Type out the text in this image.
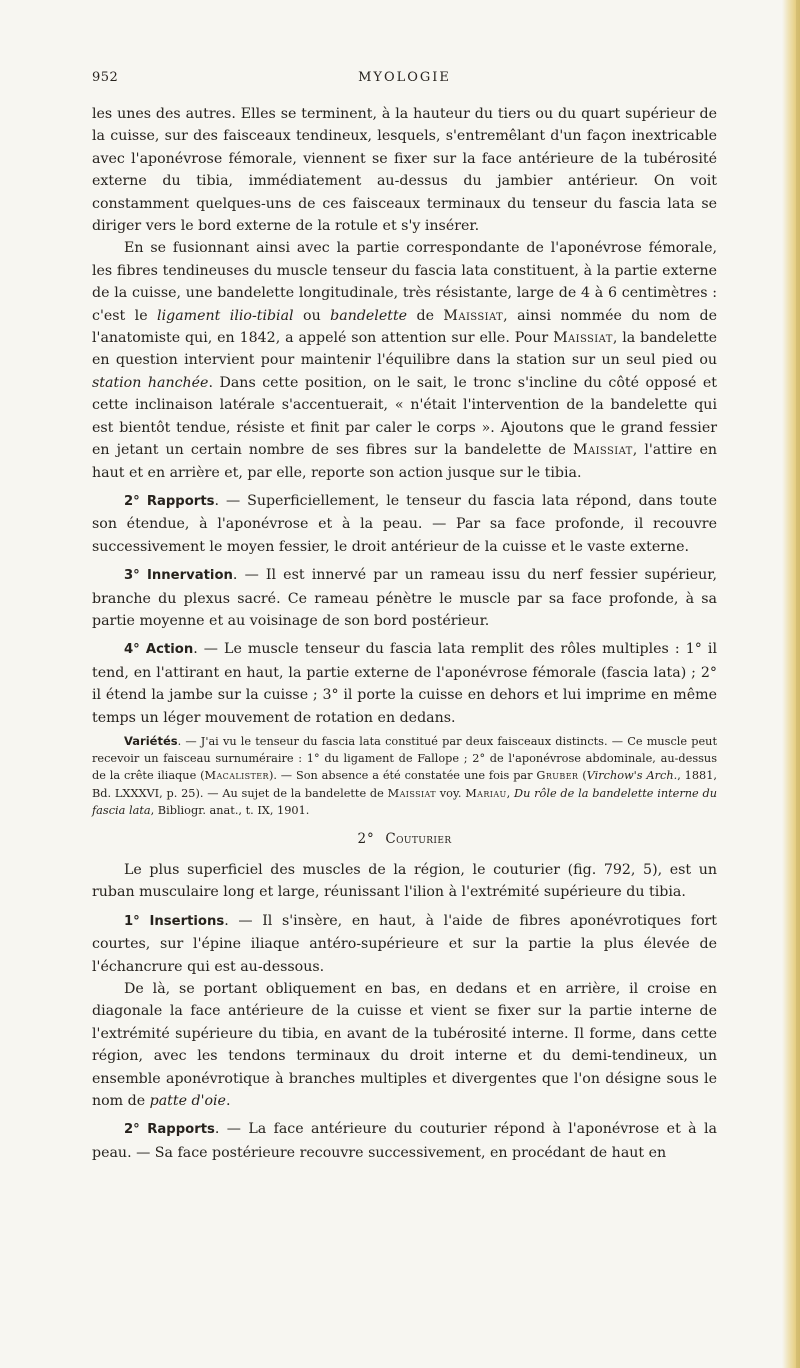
952	MYOLOGIE

les unes des autres. Elles se terminent, à la hauteur du tiers ou du quart supérieur de la cuisse, sur des faisceaux tendineux, lesquels, s'entremêlant d'un façon inextricable avec l'aponévrose fémorale, viennent se fixer sur la face antérieure de la tubérosité externe du tibia, immédiatement au-dessus du jambier antérieur. On voit constamment quelques-uns de ces faisceaux terminaux du tenseur du fascia lata se diriger vers le bord externe de la rotule et s'y insérer.

En se fusionnant ainsi avec la partie correspondante de l'aponévrose fémorale, les fibres tendineuses du muscle tenseur du fascia lata constituent, à la partie externe de la cuisse, une bandelette longitudinale, très résistante, large de 4 à 6 centimètres : c'est le ligament ilio-tibial ou bandelette de Maissiat, ainsi nommée du nom de l'anatomiste qui, en 1842, a appelé son attention sur elle. Pour Maissiat, la bandelette en question intervient pour maintenir l'équilibre dans la station sur un seul pied ou station hanchée. Dans cette position, on le sait, le tronc s'incline du côté opposé et cette inclinaison latérale s'accentuerait, « n'était l'intervention de la bandelette qui est bientôt tendue, résiste et finit par caler le corps ». Ajoutons que le grand fessier en jetant un certain nombre de ses fibres sur la bandelette de Maissiat, l'attire en haut et en arrière et, par elle, reporte son action jusque sur le tibia.

2° Rapports. — Superficiellement, le tenseur du fascia lata répond, dans toute son étendue, à l'aponévrose et à la peau. — Par sa face profonde, il recouvre successivement le moyen fessier, le droit antérieur de la cuisse et le vaste externe.

3° Innervation. — Il est innervé par un rameau issu du nerf fessier supérieur, branche du plexus sacré. Ce rameau pénètre le muscle par sa face profonde, à sa partie moyenne et au voisinage de son bord postérieur.

4° Action. — Le muscle tenseur du fascia lata remplit des rôles multiples : 1° il tend, en l'attirant en haut, la partie externe de l'aponévrose fémorale (fascia lata) ; 2° il étend la jambe sur la cuisse ; 3° il porte la cuisse en dehors et lui imprime en même temps un léger mouvement de rotation en dedans.

Variétés. — J'ai vu le tenseur du fascia lata constitué par deux faisceaux distincts. — Ce muscle peut recevoir un faisceau surnuméraire : 1° du ligament de Fallope ; 2° de l'aponévrose abdominale, au-dessus de la crête iliaque (Macalister). — Son absence a été constatée une fois par Gruber (Virchow's Arch., 1881, Bd. LXXXVI, p. 25). — Au sujet de la bandelette de Maissiat voy. Mariau, Du rôle de la bandelette interne du fascia lata, Bibliogr. anat., t. IX, 1901.

2° Couturier

Le plus superficiel des muscles de la région, le couturier (fig. 792, 5), est un ruban musculaire long et large, réunissant l'ilion à l'extrémité supérieure du tibia.

1° Insertions. — Il s'insère, en haut, à l'aide de fibres aponévrotiques fort courtes, sur l'épine iliaque antéro-supérieure et sur la partie la plus élevée de l'échancrure qui est au-dessous.

De là, se portant obliquement en bas, en dedans et en arrière, il croise en diagonale la face antérieure de la cuisse et vient se fixer sur la partie interne de l'extrémité supérieure du tibia, en avant de la tubérosité interne. Il forme, dans cette région, avec les tendons terminaux du droit interne et du demi-tendineux, un ensemble aponévrotique à branches multiples et divergentes que l'on désigne sous le nom de patte d'oie.

2° Rapports. — La face antérieure du couturier répond à l'aponévrose et à la peau. — Sa face postérieure recouvre successivement, en procédant de haut en
